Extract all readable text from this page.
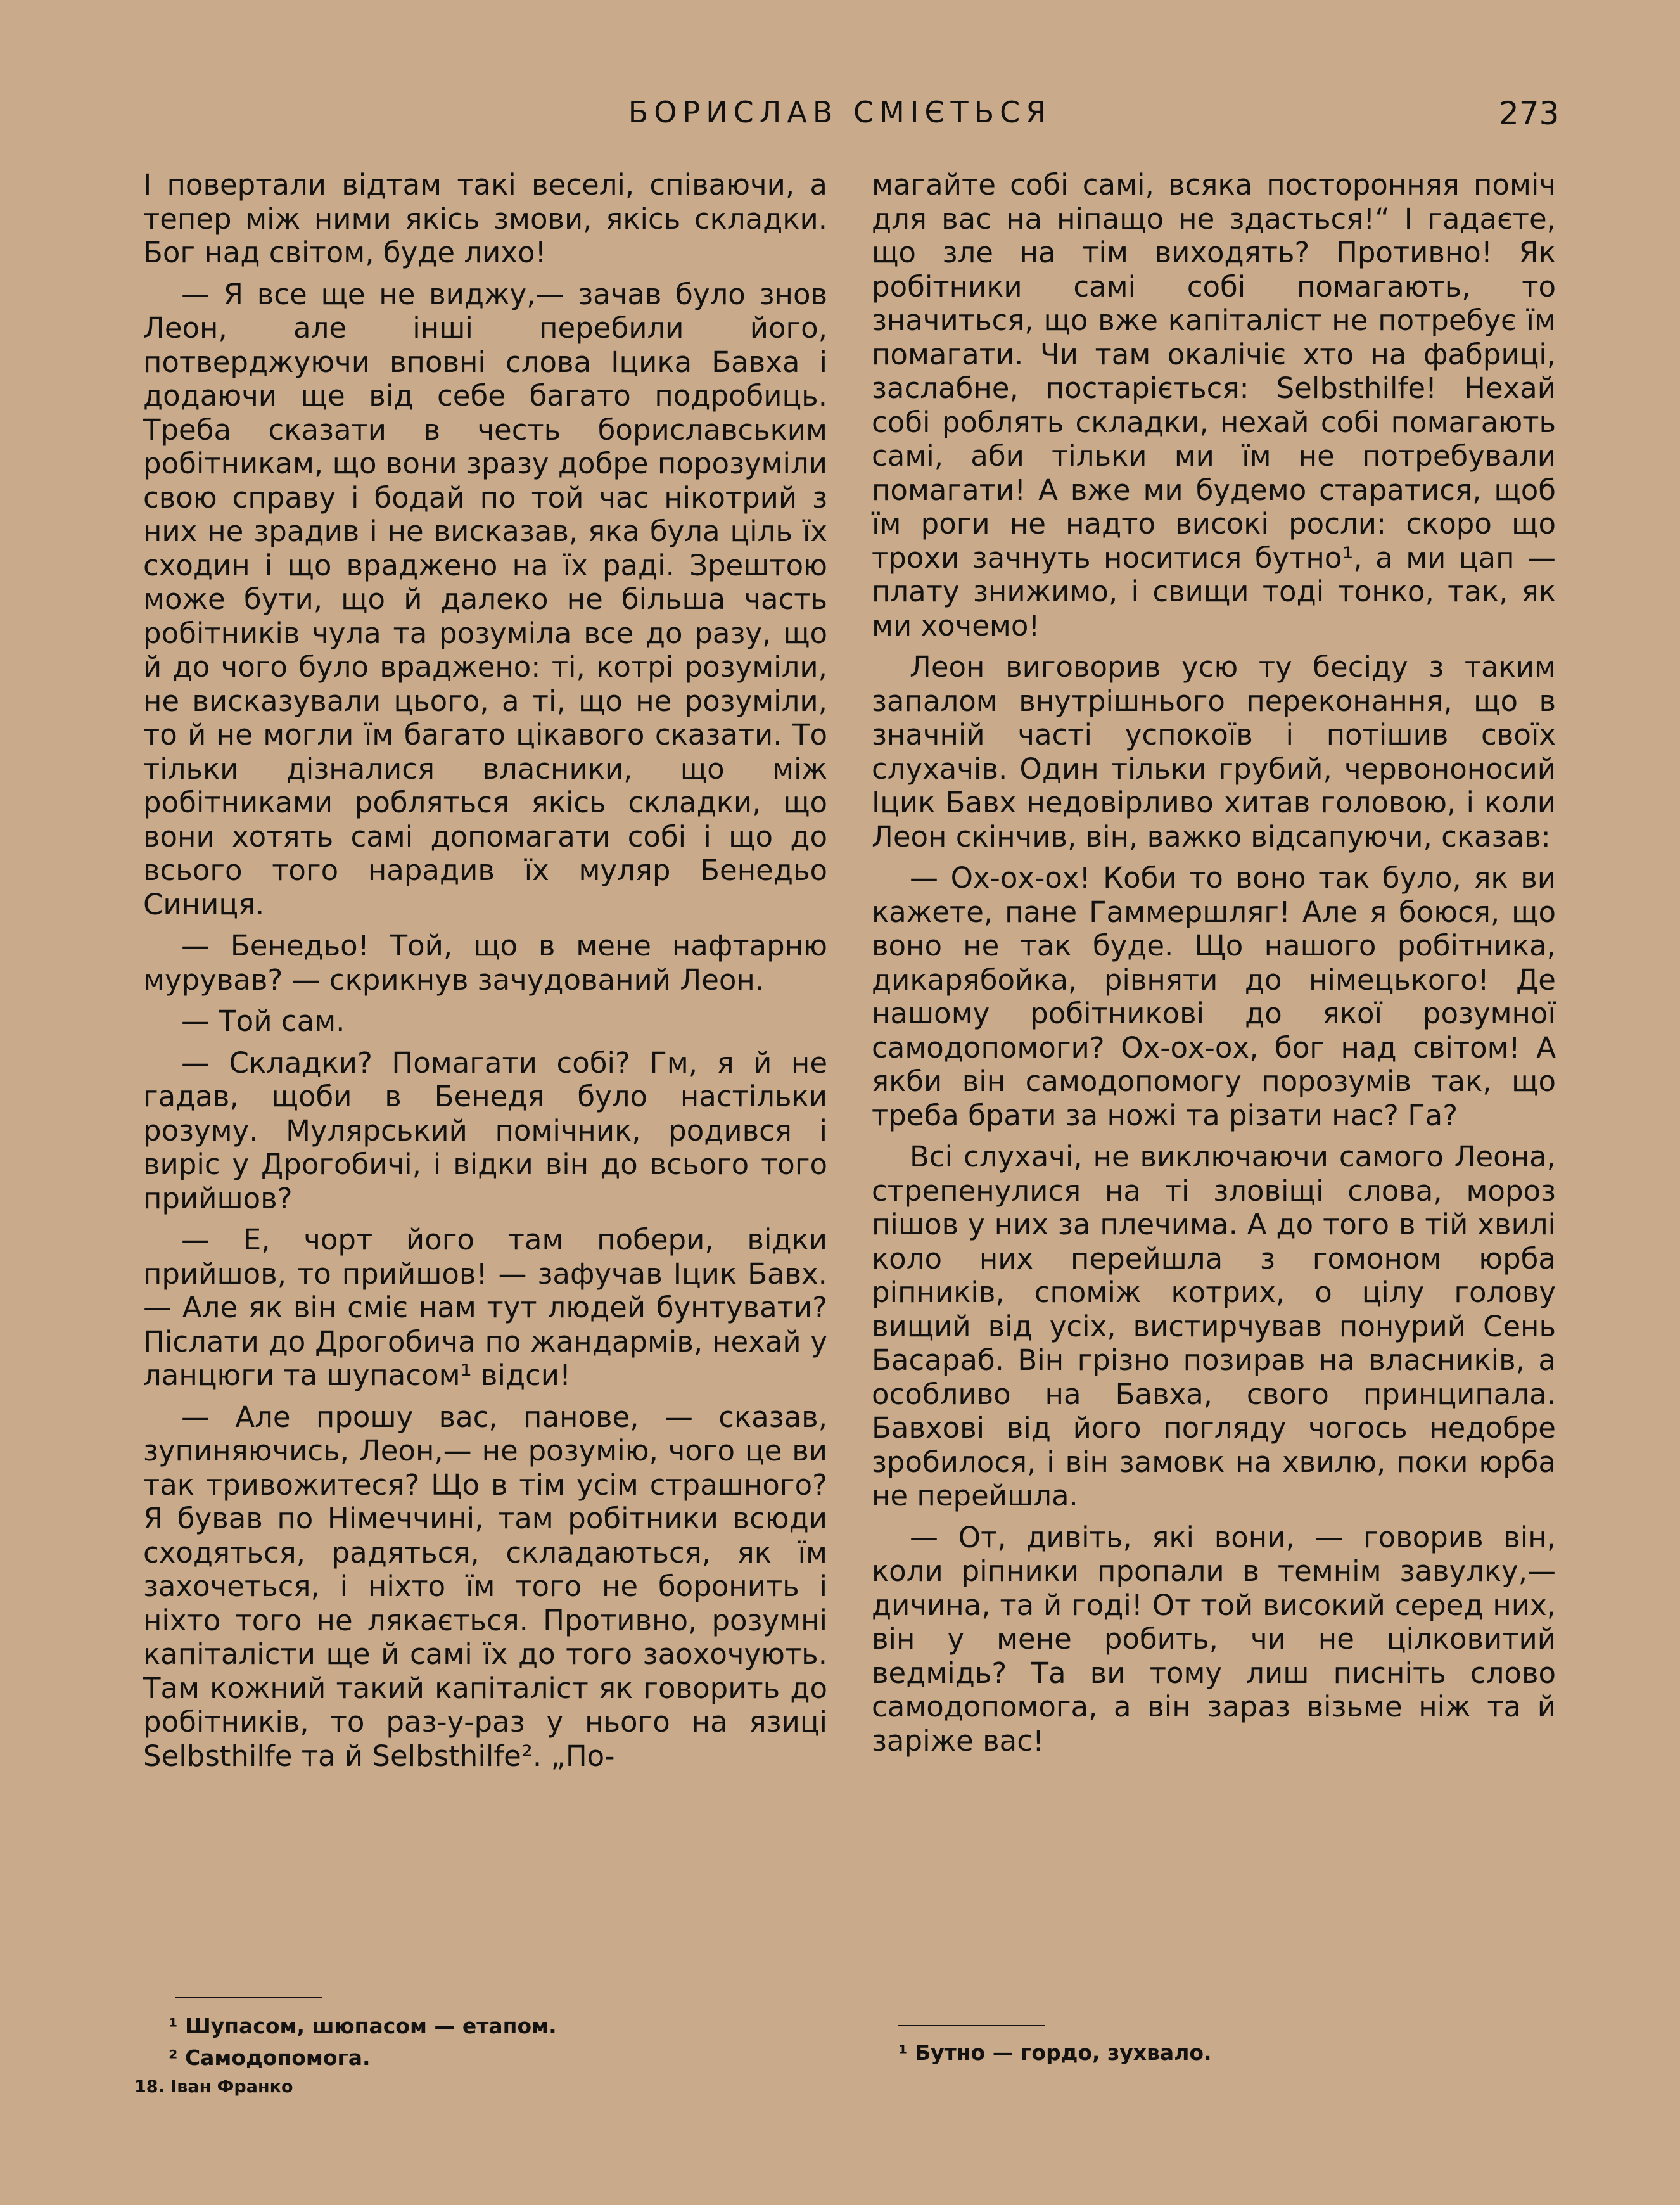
БОРИСЛАВ СМІЄТЬСЯ	273

І повертали відтам такі веселі, співаючи, а тепер між ними якісь змови, якісь складки. Бог над світом, буде лихо!

— Я все ще не виджу,— зачав було знов Леон, але інші перебили його, потверджуючи вповні слова Іцика Бавха і додаючи ще від себе багато подробиць. Треба сказати в честь бориславським робітникам, що вони зразу добре порозуміли свою справу і бодай по той час нікотрий з них не зрадив і не висказав, яка була ціль їх сходин і що враджено на їх раді. Зрештою може бути, що й далеко не більша часть робітників чула та розуміла все до разу, що й до чого було враджено: ті, котрі розуміли, не висказували цього, а ті, що не розуміли, то й не могли їм багато цікавого сказати. То тільки дізналися власники, що між робітниками робляться якісь складки, що вони хотять самі допомагати собі і що до всього того нарадив їх муляр Бенедьо Синиця.

— Бенедьо! Той, що в мене нафтарню мурував? — скрикнув зачудований Леон.

— Той сам.

— Складки? Помагати собі? Гм, я й не гадав, щоби в Бенедя було настільки розуму. Мулярський помічник, родився і виріс у Дрогобичі, і відки він до всього того прийшов?

— Е, чорт його там побери, відки прийшов, то прийшов! — зафучав Іцик Бавх. — Але як він сміє нам тут людей бунтувати? Післати до Дрогобича по жандармів, нехай у ланцюги та шупасом¹ відси!

— Але прошу вас, панове, — сказав, зупиняючись, Леон,— не розумію, чого це ви так тривожитеся? Що в тім усім страшного? Я бував по Німеччині, там робітники всюди сходяться, радяться, складаються, як їм захочеться, і ніхто їм того не боронить і ніхто того не лякається. Противно, розумні капіталісти ще й самі їх до того заохочують. Там кожний такий капіталіст як говорить до робітників, то раз-у-раз у нього на язиці Selbsthilfe та й Selbsthilfe². „По-

магайте собі самі, всяка посторонняя поміч для вас на ніпащо не здасться!“ І гадаєте, що зле на тім виходять? Противно! Як робітники самі собі помагають, то значиться, що вже капіталіст не потребує їм помагати. Чи там окалічіє хто на фабриці, заслабне, постаріється: Selbsthilfe! Нехай собі роблять складки, нехай собі помагають самі, аби тільки ми їм не потребували помагати! А вже ми будемо старатися, щоб їм роги не надто високі росли: скоро що трохи зачнуть носитися бутно¹, а ми цап — плату знижимо, і свищи тоді тонко, так, як ми хочемо!

Леон виговорив усю ту бесіду з таким запалом внутрішнього переконання, що в значній часті успокоїв і потішив своїх слухачів. Один тільки грубий, червононосий Іцик Бавх недовірливо хитав головою, і коли Леон скінчив, він, важко відсапуючи, сказав:

— Ох-ох-ох! Коби то воно так було, як ви кажете, пане Гаммершляг! Але я боюся, що воно не так буде. Що нашого робітника, дикарябойка, рівняти до німецького! Де нашому робітникові до якої розумної самодопомоги? Ох-ох-ох, бог над світом! А якби він самодопомогу порозумів так, що треба брати за ножі та різати нас? Га?

Всі слухачі, не виключаючи самого Леона, стрепенулися на ті зловіщі слова, мороз пішов у них за плечима. А до того в тій хвилі коло них перейшла з гомоном юрба ріпників, споміж котрих, о цілу голову вищий від усіх, вистирчував понурий Сень Басараб. Він грізно позирав на власників, а особливо на Бавха, свого принципала. Бавхові від його погляду чогось недобре зробилося, і він замовк на хвилю, поки юрба не перейшла.

— От, дивіть, які вони, — говорив він, коли ріпники пропали в темнім завулку,— дичина, та й годі! От той високий серед них, він у мене робить, чи не цілковитий ведмідь? Та ви тому лиш писніть слово самодопомога, а він зараз візьме ніж та й заріже вас!

¹ Шупасом, шюпасом — етапом.
² Самодопомога.	¹ Бутно — гордо, зухвало.
18. Іван Франко
